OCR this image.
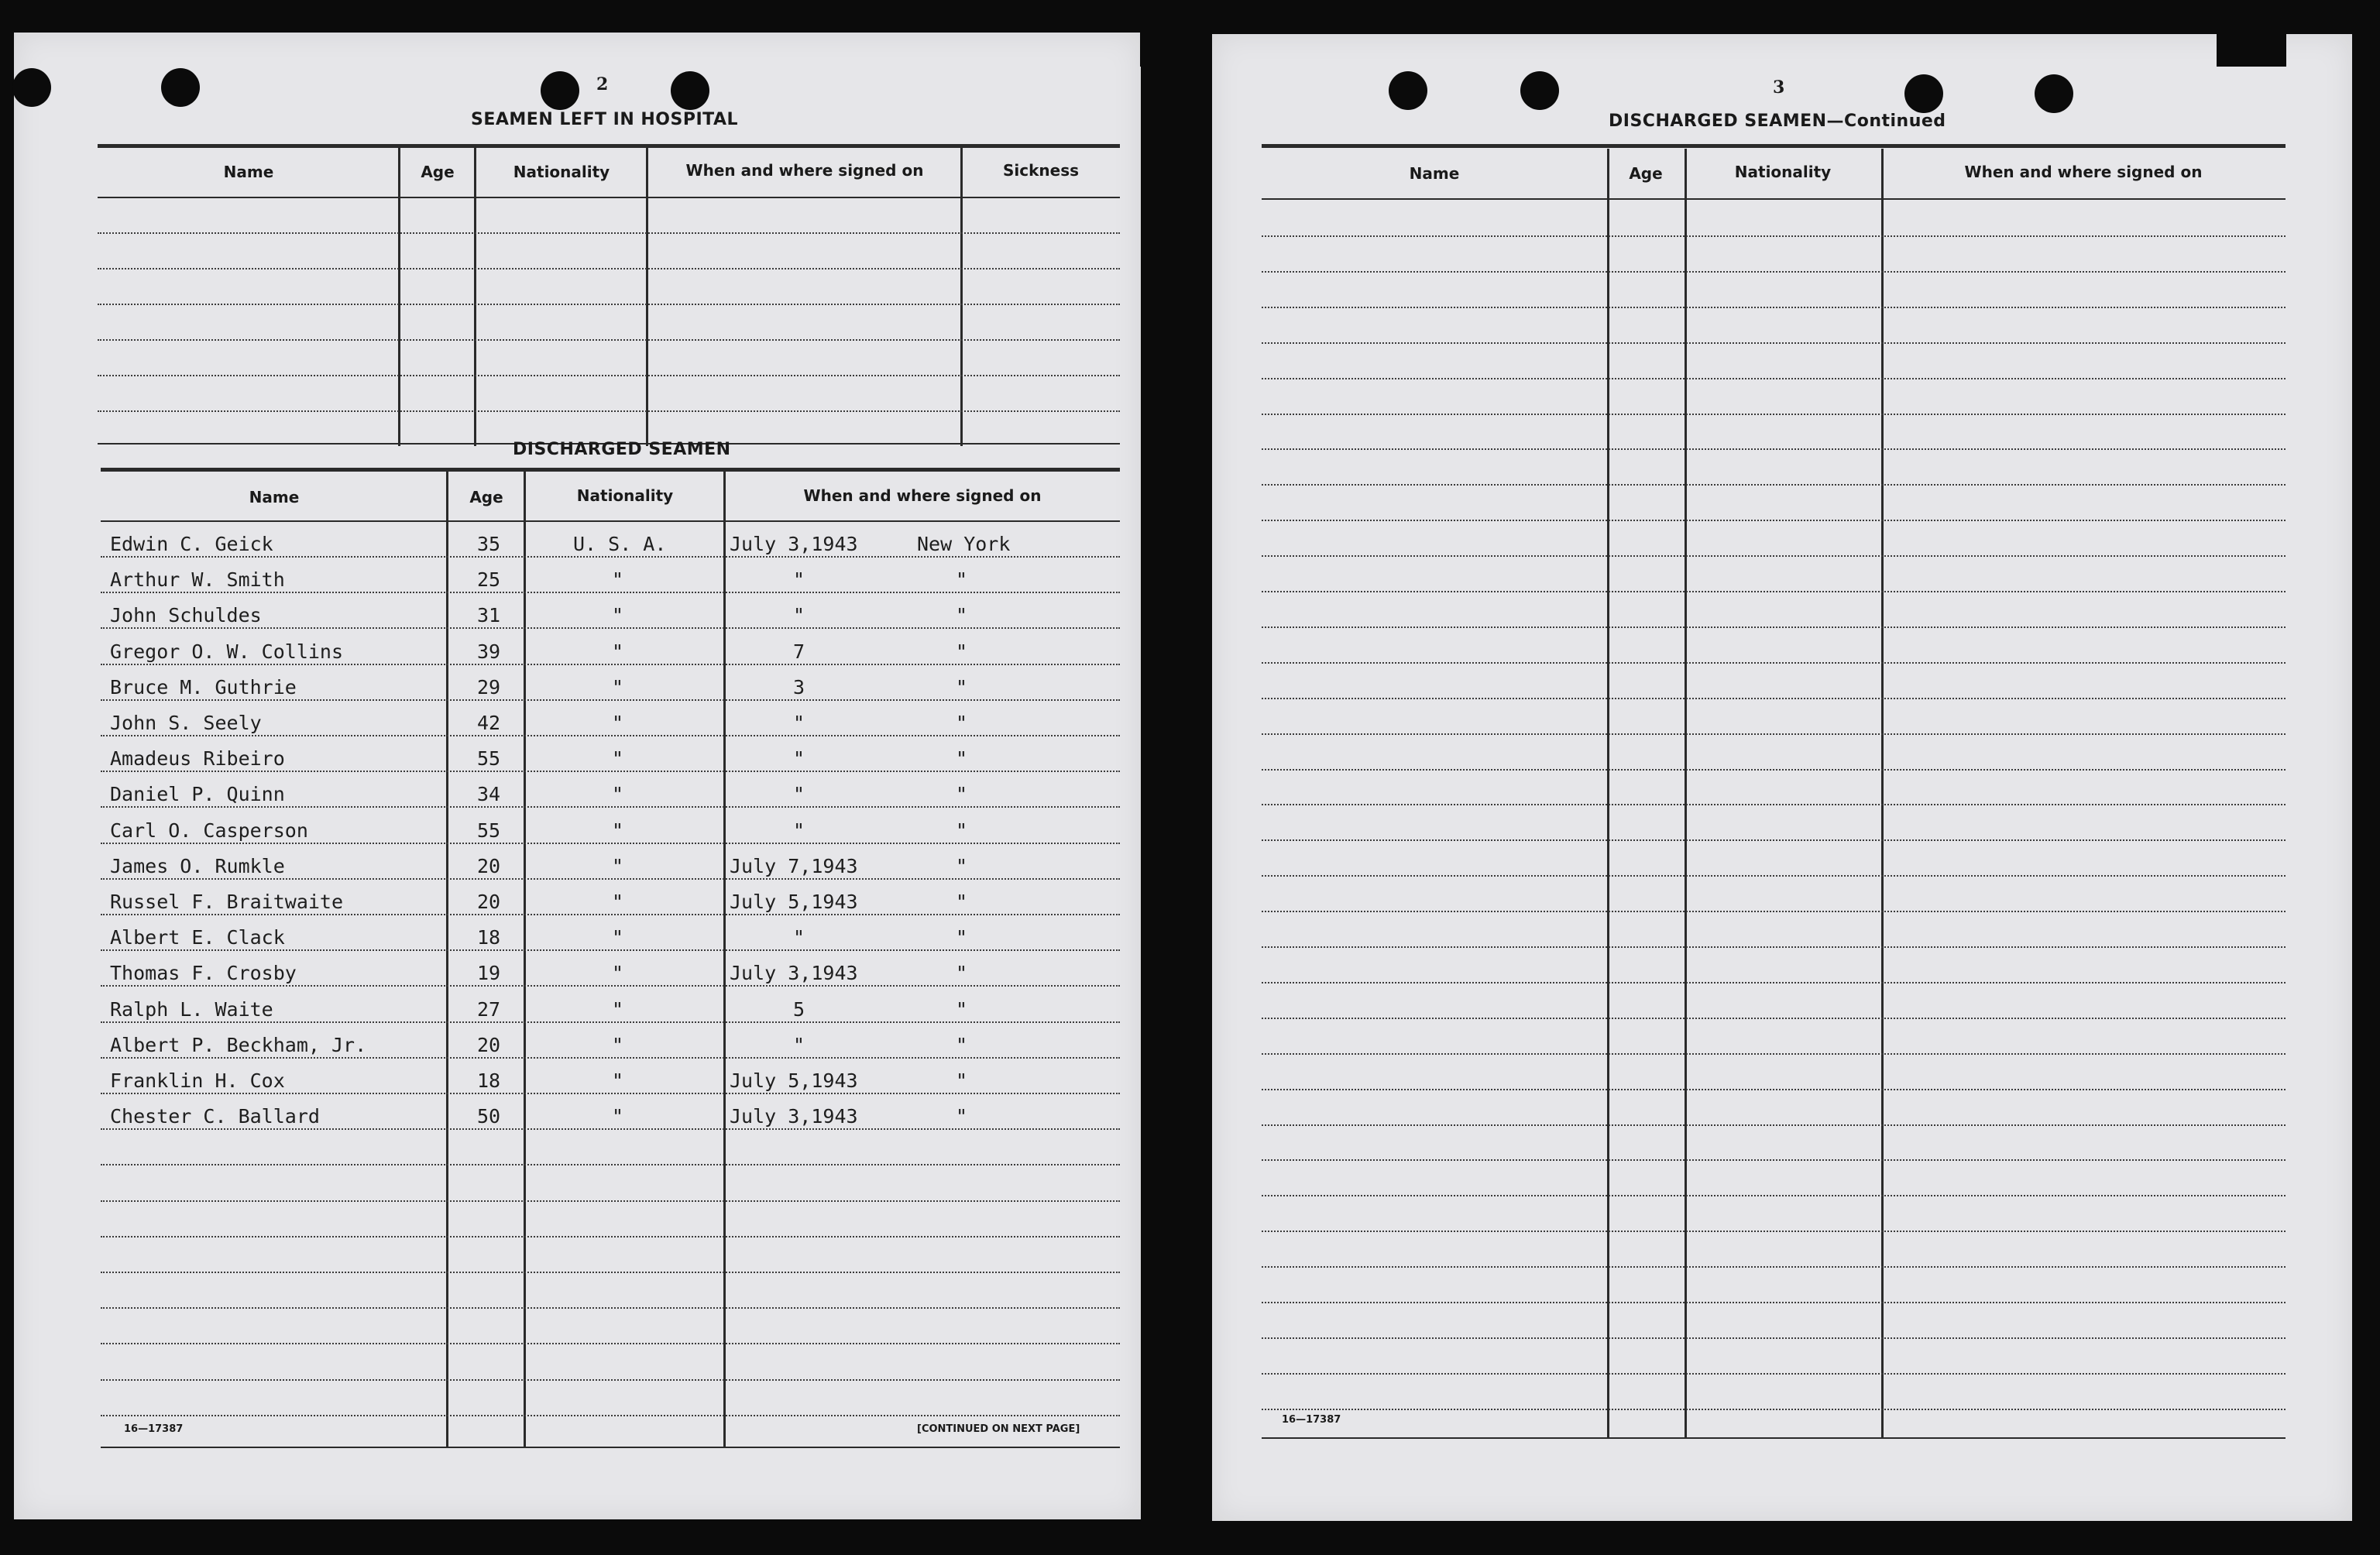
2
SEAMEN LEFT IN HOSPITAL
Name	Age	Nationality	When and where signed on	Sickness
DISCHARGED SEAMEN
Name	Age	Nationality	When and where signed on
Edwin C. Geick	35	U. S. A.	July 3,1943	New York
Arthur W. Smith	25	"	"	"
John Schuldes	31	"	"	"
Gregor O. W. Collins	39	"	7	"
Bruce M. Guthrie	29	"	3	"
John S. Seely	42	"	"	"
Amadeus Ribeiro	55	"	"	"
Daniel P. Quinn	34	"	"	"
Carl O. Casperson	55	"	"	"
James O. Rumkle	20	"	July 7,1943	"
Russel F. Braitwaite	20	"	July 5,1943	"
Albert E. Clack	18	"	"	"
Thomas F. Crosby	19	"	July 3,1943	"
Ralph L. Waite	27	"	5	"
Albert P. Beckham, Jr.	20	"	"	"
Franklin H. Cox	18	"	July 5,1943	"
Chester C. Ballard	50	"	July 3,1943	"
16—17387	[CONTINUED ON NEXT PAGE]
3
DISCHARGED SEAMEN—Continued
Name	Age	Nationality	When and where signed on
16—17387
